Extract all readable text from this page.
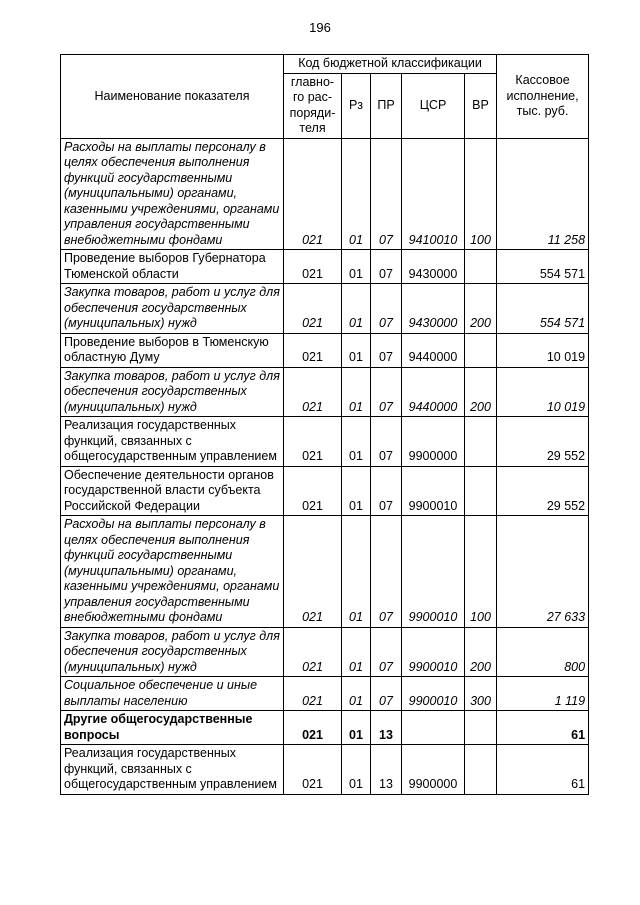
196
Наименование показателя	Код бюджетной классификации					Кассовое исполнение, тыс. руб.
	главно-
го рас-
поряди-
теля	Рз	ПР	ЦСР	ВР	
Расходы на выплаты персоналу в целях обеспечения выполнения функций государственными (муниципальными) органами, казенными учреждениями, органами управления государственными внебюджетными фондами	021	01	07	9410010	100	11 258
Проведение выборов Губернатора Тюменской области	021	01	07	9430000		554 571
Закупка товаров, работ и услуг для обеспечения государственных (муниципальных) нужд	021	01	07	9430000	200	554 571
Проведение выборов в Тюменскую областную Думу	021	01	07	9440000		10 019
Закупка товаров, работ и услуг для обеспечения государственных (муниципальных) нужд	021	01	07	9440000	200	10 019
Реализация государственных функций, связанных с общегосударственным управлением	021	01	07	9900000		29 552
Обеспечение деятельности органов государственной власти субъекта Российской Федерации	021	01	07	9900010		29 552
Расходы на выплаты персоналу в целях обеспечения выполнения функций государственными (муниципальными) органами, казенными учреждениями, органами управления государственными внебюджетными фондами	021	01	07	9900010	100	27 633
Закупка товаров, работ и услуг для обеспечения государственных (муниципальных) нужд	021	01	07	9900010	200	800
Социальное обеспечение и иные выплаты населению	021	01	07	9900010	300	1 119
Другие общегосударственные вопросы	021	01	13			61
Реализация государственных функций, связанных с общегосударственным управлением	021	01	13	9900000		61
